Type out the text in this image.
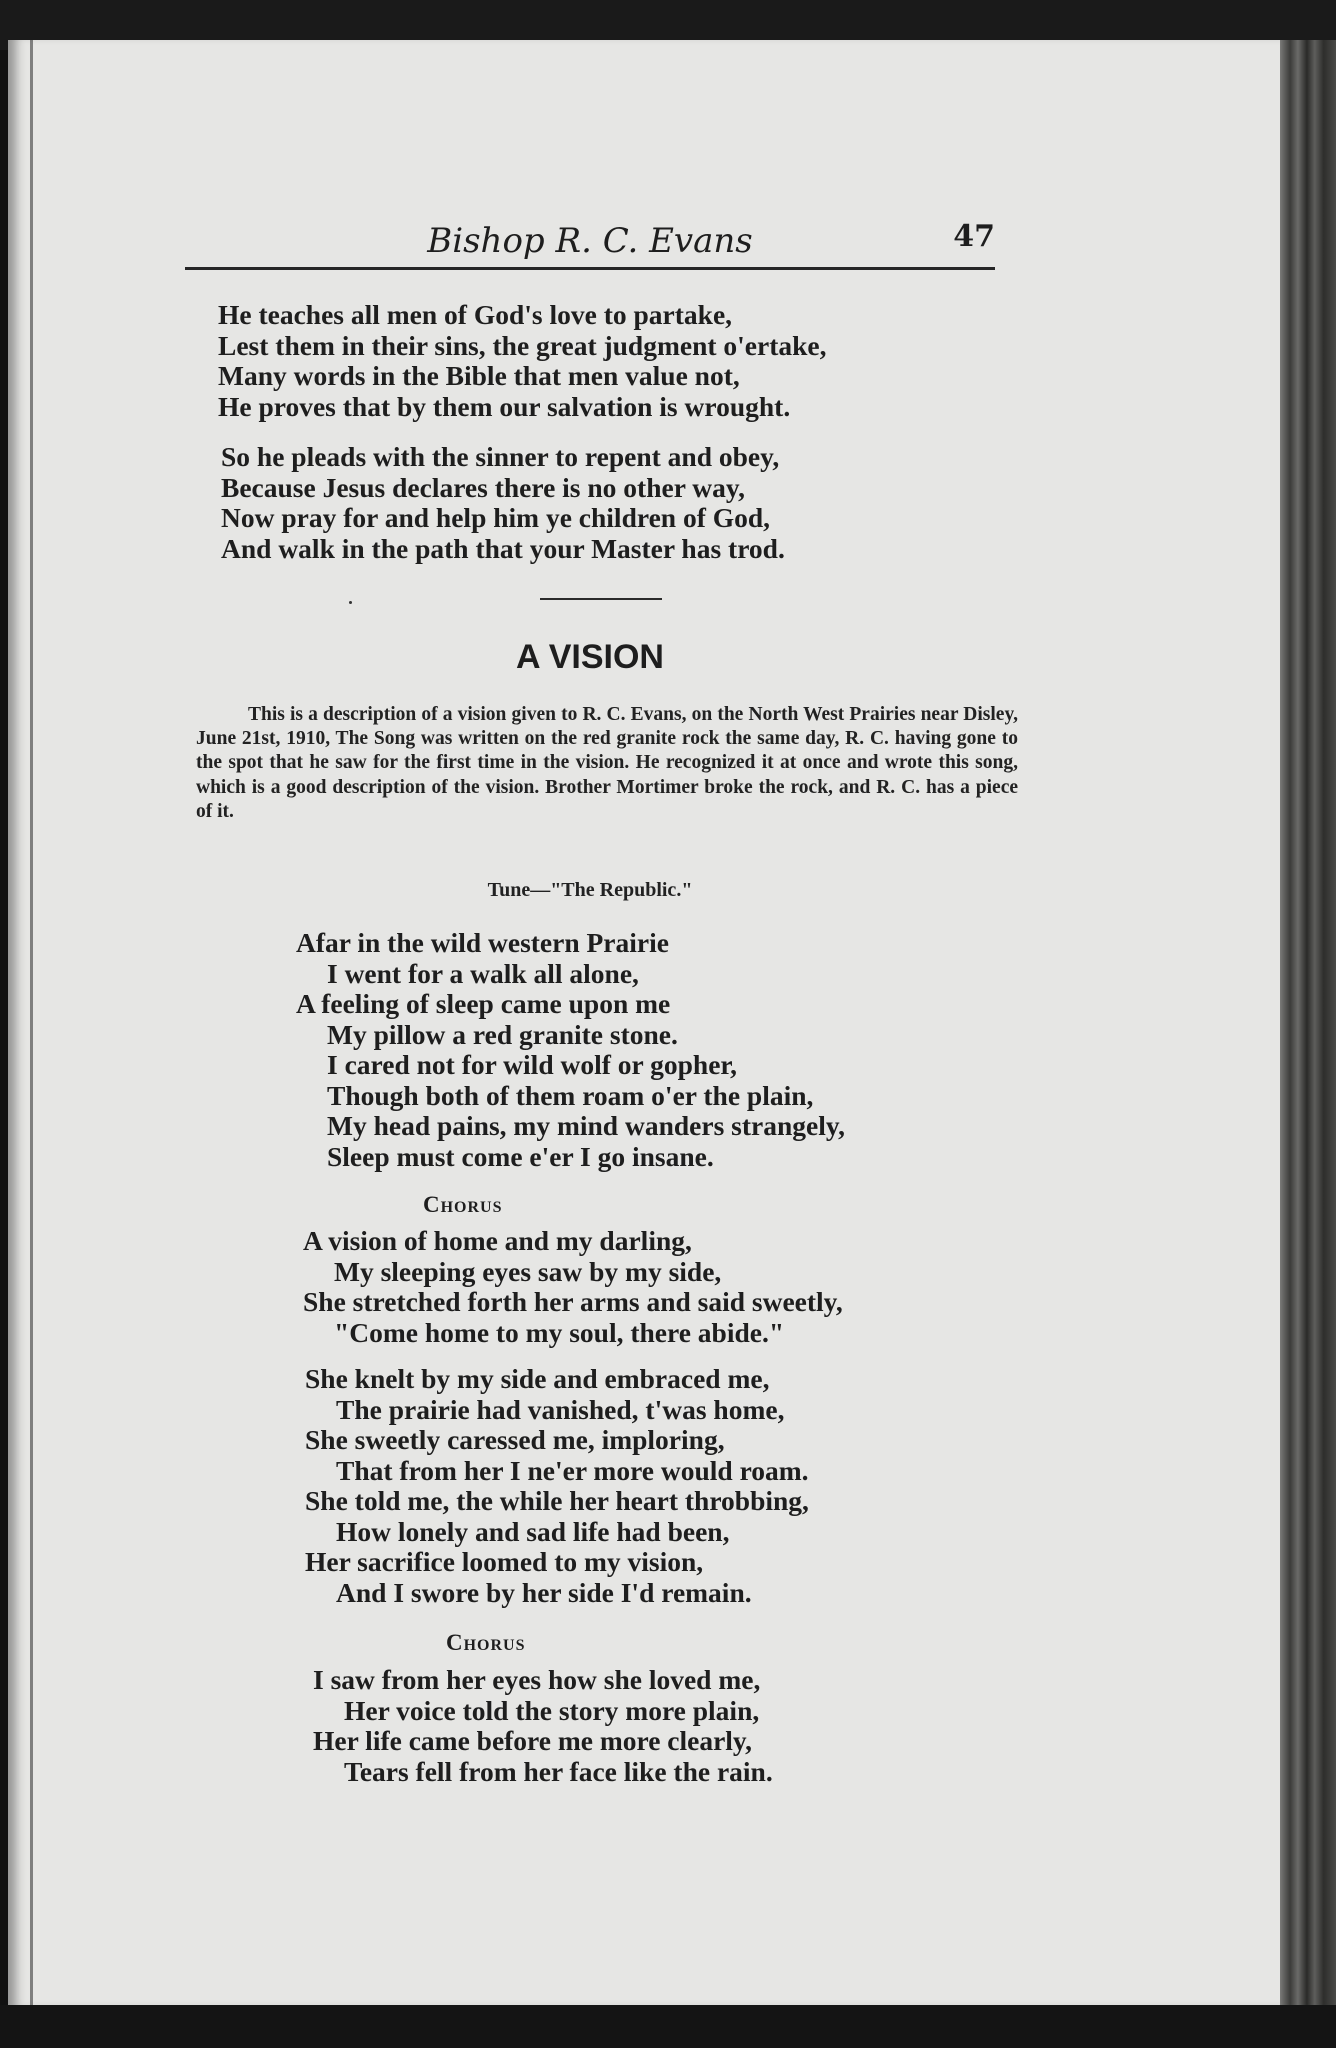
Bishop R. C. Evans	47
He teaches all men of God's love to partake,
Lest them in their sins, the great judgment o'ertake,
Many words in the Bible that men value not,
He proves that by them our salvation is wrought.
So he pleads with the sinner to repent and obey,
Because Jesus declares there is no other way,
Now pray for and help him ye children of God,
And walk in the path that your Master has trod.
A VISION
This is a description of a vision given to R. C. Evans, on the North West Prairies near Disley, June 21st, 1910, The Song was written on the red granite rock the same day, R. C. having gone to the spot that he saw for the first time in the vision. He recognized it at once and wrote this song, which is a good description of the vision. Brother Mortimer broke the rock, and R. C. has a piece of it.
Tune—"The Republic."
Afar in the wild western Prairie
I went for a walk all alone,
A feeling of sleep came upon me
My pillow a red granite stone.
I cared not for wild wolf or gopher,
Though both of them roam o'er the plain,
My head pains, my mind wanders strangely,
Sleep must come e'er I go insane.
Chorus
A vision of home and my darling,
My sleeping eyes saw by my side,
She stretched forth her arms and said sweetly,
"Come home to my soul, there abide."
She knelt by my side and embraced me,
The prairie had vanished, t'was home,
She sweetly caressed me, imploring,
That from her I ne'er more would roam.
She told me, the while her heart throbbing,
How lonely and sad life had been,
Her sacrifice loomed to my vision,
And I swore by her side I'd remain.
Chorus
I saw from her eyes how she loved me,
Her voice told the story more plain,
Her life came before me more clearly,
Tears fell from her face like the rain.
